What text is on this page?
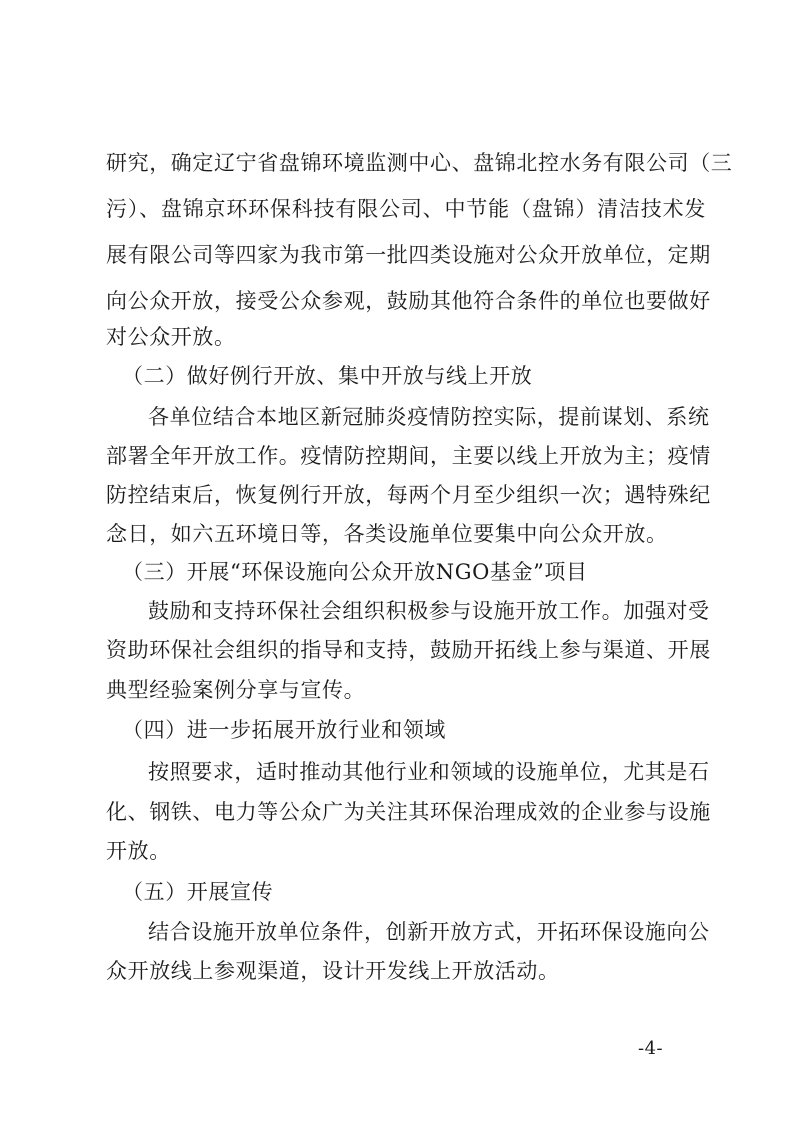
研究，确定辽宁省盘锦环境监测中心、盘锦北控水务有限公司（三
污）、盘锦京环环保科技有限公司、中节能（盘锦）清洁技术发
展有限公司等四家为我市第一批四类设施对公众开放单位，定期
向公众开放，接受公众参观，鼓励其他符合条件的单位也要做好
对公众开放。
（二）做好例行开放、集中开放与线上开放
各单位结合本地区新冠肺炎疫情防控实际，提前谋划、系统
部署全年开放工作。疫情防控期间，主要以线上开放为主；疫情
防控结束后，恢复例行开放，每两个月至少组织一次；遇特殊纪
念日，如六五环境日等，各类设施单位要集中向公众开放。
（三）开展“环保设施向公众开放NGO基金”项目
鼓励和支持环保社会组织积极参与设施开放工作。加强对受
资助环保社会组织的指导和支持，鼓励开拓线上参与渠道、开展
典型经验案例分享与宣传。
（四）进一步拓展开放行业和领域
按照要求，适时推动其他行业和领域的设施单位，尤其是石
化、钢铁、电力等公众广为关注其环保治理成效的企业参与设施
开放。
（五）开展宣传
结合设施开放单位条件，创新开放方式，开拓环保设施向公
众开放线上参观渠道，设计开发线上开放活动。
-4-
